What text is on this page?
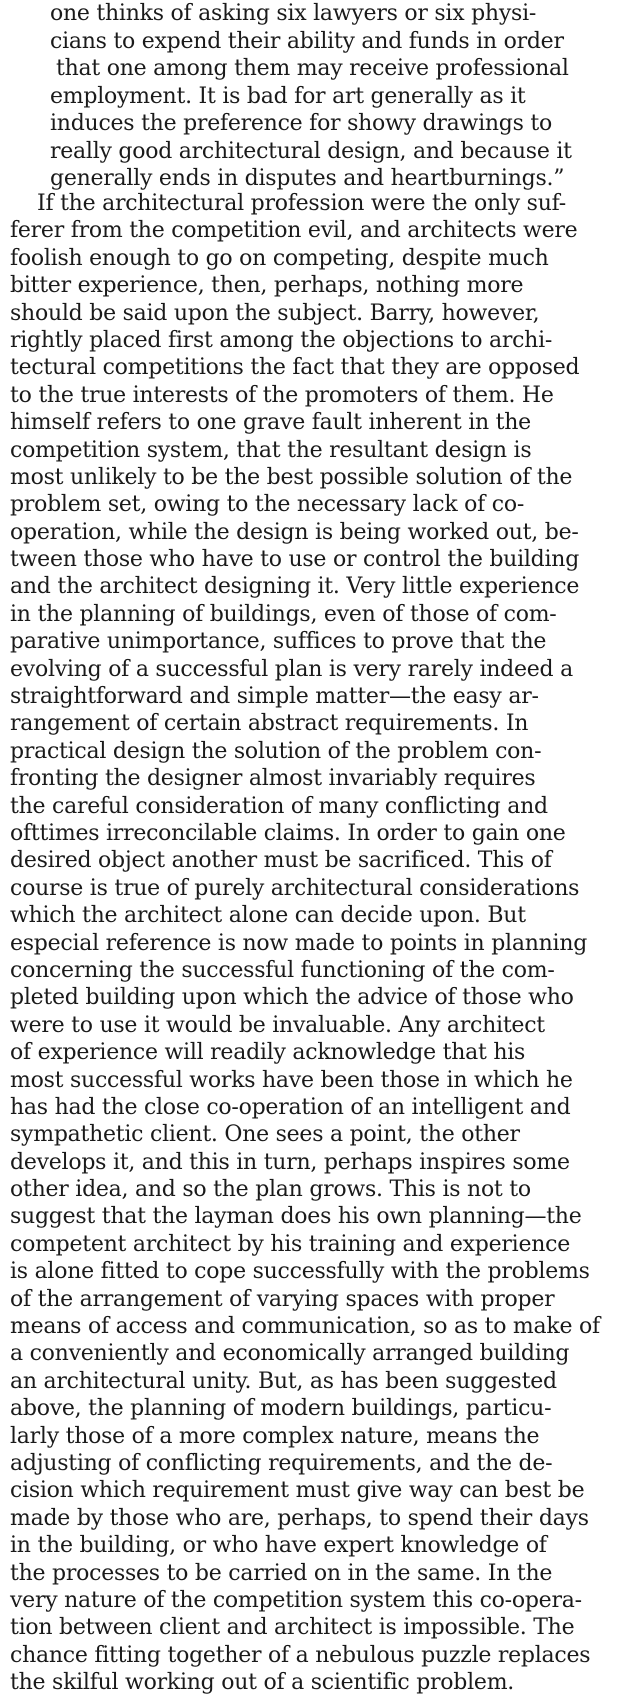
one thinks of asking six lawyers or six physi-
cians to expend their ability and funds in order
that one among them may receive professional
employment. It is bad for art generally as it
induces the preference for showy drawings to
really good architectural design, and because it
generally ends in disputes and heartburnings.”
If the architectural profession were the only suf-
ferer from the competition evil, and architects were
foolish enough to go on competing, despite much
bitter experience, then, perhaps, nothing more
should be said upon the subject. Barry, however,
rightly placed first among the objections to archi-
tectural competitions the fact that they are opposed
to the true interests of the promoters of them. He
himself refers to one grave fault inherent in the
competition system, that the resultant design is
most unlikely to be the best possible solution of the
problem set, owing to the necessary lack of co-
operation, while the design is being worked out, be-
tween those who have to use or control the building
and the architect designing it. Very little experience
in the planning of buildings, even of those of com-
parative unimportance, suffices to prove that the
evolving of a successful plan is very rarely indeed a
straightforward and simple matter—the easy ar-
rangement of certain abstract requirements. In
practical design the solution of the problem con-
fronting the designer almost invariably requires
the careful consideration of many conflicting and
ofttimes irreconcilable claims. In order to gain one
desired object another must be sacrificed. This of
course is true of purely architectural considerations
which the architect alone can decide upon. But
especial reference is now made to points in planning
concerning the successful functioning of the com-
pleted building upon which the advice of those who
were to use it would be invaluable. Any architect
of experience will readily acknowledge that his
most successful works have been those in which he
has had the close co-operation of an intelligent and
sympathetic client. One sees a point, the other
develops it, and this in turn, perhaps inspires some
other idea, and so the plan grows. This is not to
suggest that the layman does his own planning—the
competent architect by his training and experience
is alone fitted to cope successfully with the problems
of the arrangement of varying spaces with proper
means of access and communication, so as to make of
a conveniently and economically arranged building
an architectural unity. But, as has been suggested
above, the planning of modern buildings, particu-
larly those of a more complex nature, means the
adjusting of conflicting requirements, and the de-
cision which requirement must give way can best be
made by those who are, perhaps, to spend their days
in the building, or who have expert knowledge of
the processes to be carried on in the same. In the
very nature of the competition system this co-opera-
tion between client and architect is impossible. The
chance fitting together of a nebulous puzzle replaces
the skilful working out of a scientific problem.
